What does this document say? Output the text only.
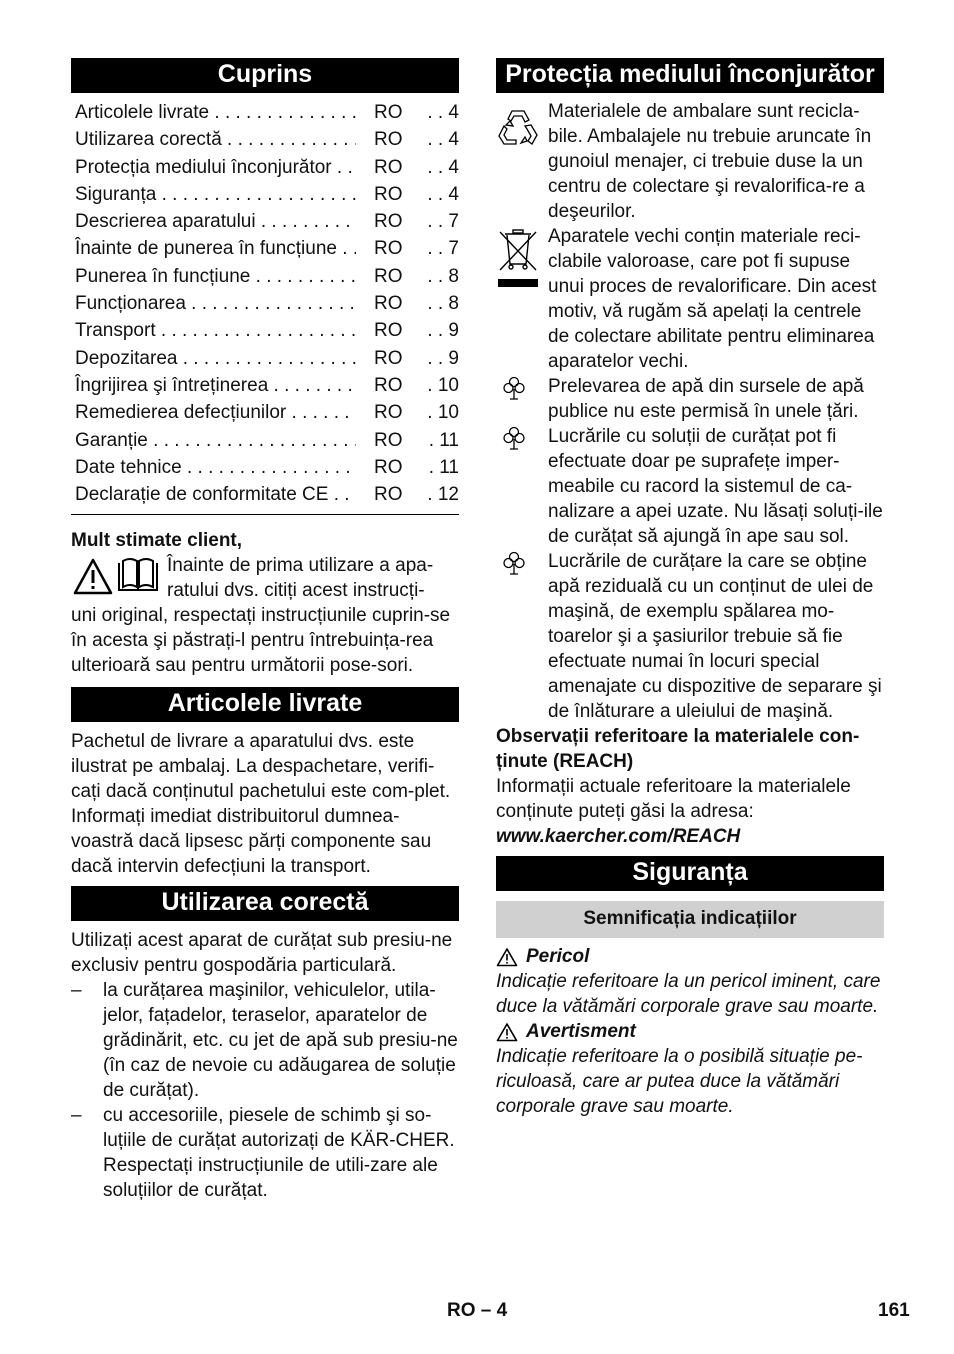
Cuprins
Articolele livrate . . .	RO	. . 4
Utilizarea corectă . . .	RO	. . 4
Protecția mediului înconjurător . . .	RO	. . 4
Siguranța . . .	RO	. . 4
Descrierea aparatului . . .	RO	. . 7
Înainte de punerea în funcțiune . . .	RO	. . 7
Punerea în funcțiune . . .	RO	. . 8
Funcționarea . . .	RO	. . 8
Transport . . .	RO	. . 9
Depozitarea . . .	RO	. . 9
Îngrijirea şi întreținerea . . .	RO	. 10
Remedierea defecțiunilor . . .	RO	. 10
Garanție . . .	RO	. 11
Date tehnice . . .	RO	. 11
Declarație de conformitate CE . . .	RO	. 12

Mult stimate client,

Înainte de prima utilizare a apa-

ratului dvs. citiți acest instrucți-

uni original, respectați instrucțiunile cuprin-se în acesta şi păstrați-l pentru întrebuința-rea ulterioară sau pentru următorii pose-sori.

Articolele livrate

Pachetul de livrare a aparatului dvs. este ilustrat pe ambalaj. La despachetare, verifi-cați dacă conținutul pachetului este com-plet.

Informați imediat distribuitorul dumnea-voastră dacă lipsesc părți componente sau dacă intervin defecțiuni la transport.

Utilizarea corectă

Utilizați acest aparat de curățat sub presiu-ne exclusiv pentru gospodăria particulară.

–	la curățarea maşinilor, vehiculelor, utila-jelor, fațadelor, teraselor, aparatelor de grădinărit, etc. cu jet de apă sub presiu-ne (în caz de nevoie cu adăugarea de soluție de curățat).
–	cu accesoriile, piesele de schimb şi so-luțiile de curățat autorizați de KÄR-CHER. Respectați instrucțiunile de utili-zare ale soluțiilor de curățat.
Protecția mediului înconjurător

Materialele de ambalare sunt recicla-bile. Ambalajele nu trebuie aruncate în gunoiul menajer, ci trebuie duse la un centru de colectare şi revalorifica-re a deşeurilor.

Aparatele vechi conțin materiale reci-clabile valoroase, care pot fi supuse unui proces de revalorificare. Din acest motiv, vă rugăm să apelați la centrele de colectare abilitate pentru eliminarea aparatelor vechi.

Prelevarea de apă din sursele de apă publice nu este permisă în unele țări.

Lucrările cu soluții de curățat pot fi efectuate doar pe suprafețe imper-meabile cu racord la sistemul de ca-nalizare a apei uzate. Nu lăsați soluți-ile de curățat să ajungă în ape sau sol.

Lucrările de curățare la care se obține apă reziduală cu un conținut de ulei de maşină, de exemplu spălarea mo-toarelor şi a şasiurilor trebuie să fie efectuate numai în locuri special amenajate cu dispozitive de separare şi de înlăturare a uleiului de maşină.

Observații referitoare la materialele con-ținute (REACH)

Informații actuale referitoare la materialele conținute puteți găsi la adresa:

www.kaercher.com/REACH

Siguranța
Semnificația indicațiilor
Pericol

Indicație referitoare la un pericol iminent, care duce la vătămări corporale grave sau moarte.

Avertisment

Indicație referitoare la o posibilă situație pe-riculoasă, care ar putea duce la vătămări corporale grave sau moarte.

RO – 4	161
